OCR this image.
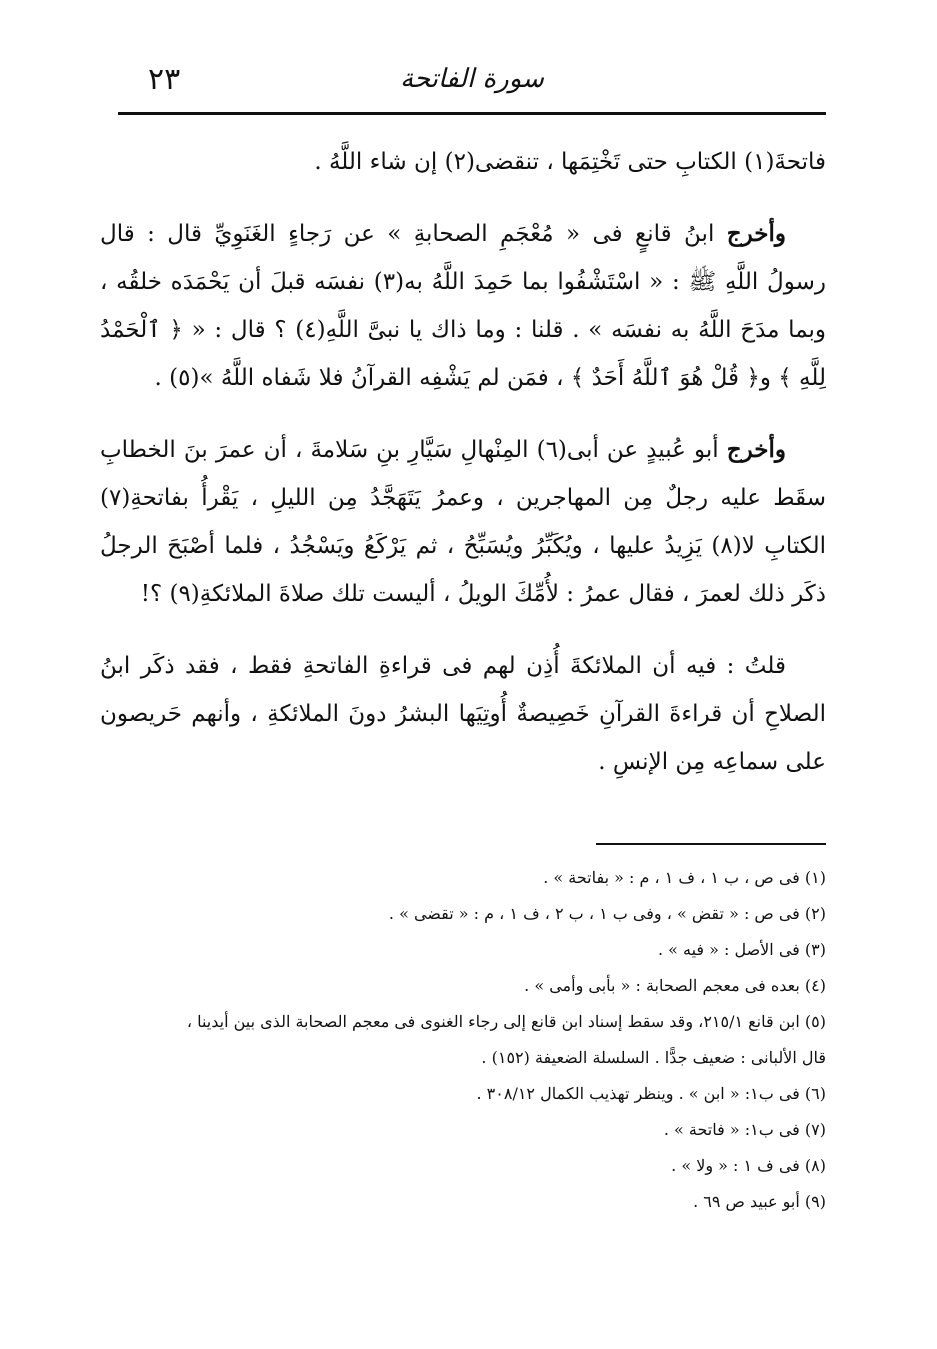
٢٣	سورة الفاتحة

فاتحةَ(١) الكتابِ حتى تَخْتِمَها ، تنقضى(٢) إن شاء اللَّهُ .

وأخرج ابنُ قانعٍ فى « مُعْجَمِ الصحابةِ » عن رَجاءٍ الغَنَوِيِّ قال : قال رسولُ اللَّهِ ﷺ : « اسْتَشْفُوا بما حَمِدَ اللَّهُ به(٣) نفسَه قبلَ أن يَحْمَدَه خلقُه ، وبما مدَحَ اللَّهُ به نفسَه » . قلنا : وما ذاك يا نبىَّ اللَّهِ(٤) ؟ قال : « ﴿ ٱلْحَمْدُ لِلَّهِ ﴾ و﴿ قُلْ هُوَ ٱللَّهُ أَحَدٌ ﴾ ، فمَن لم يَشْفِه القرآنُ فلا شَفاه اللَّهُ »(٥) .

وأخرج أبو عُبيدٍ عن أبى(٦) المِنْهالِ سَيَّارِ بنِ سَلامةَ ، أن عمرَ بنَ الخطابِ سقَط عليه رجلٌ مِن المهاجرين ، وعمرُ يَتَهَجَّدُ مِن الليلِ ، يَقْرأُ بفاتحةِ(٧) الكتابِ لا(٨) يَزِيدُ عليها ، ويُكَبِّرُ ويُسَبِّحُ ، ثم يَرْكَعُ ويَسْجُدُ ، فلما أصْبَحَ الرجلُ ذكَر ذلك لعمرَ ، فقال عمرُ : لأُمِّكَ الويلُ ، أليست تلك صلاةَ الملائكةِ(٩) ؟!

قلتُ : فيه أن الملائكةَ أُذِن لهم فى قراءةِ الفاتحةِ فقط ، فقد ذكَر ابنُ الصلاحِ أن قراءةَ القرآنِ خَصِيصةٌ أُوتِيَها البشرُ دونَ الملائكةِ ، وأنهم حَريصون على سماعِه مِن الإنسِ .

(١) فى ص ، ب ١ ، ف ١ ، م : « بفاتحة » .

(٢) فى ص : « تقض » ، وفى ب ١ ، ب ٢ ، ف ١ ، م : « تقضى » .

(٣) فى الأصل : « فيه » .

(٤) بعده فى معجم الصحابة : « بأبى وأمى » .

(٥) ابن قانع ٢١٥/١، وقد سقط إسناد ابن قانع إلى رجاء الغنوى فى معجم الصحابة الذى بين أيدينا ،

قال الألبانى : ضعيف جدًّا . السلسلة الضعيفة (١٥٢) .

(٦) فى ب١: « ابن » . وينظر تهذيب الكمال ٣٠٨/١٢ .

(٧) فى ب١: « فاتحة » .

(٨) فى ف ١ : « ولا » .

(٩) أبو عبيد ص ٦٩ .
